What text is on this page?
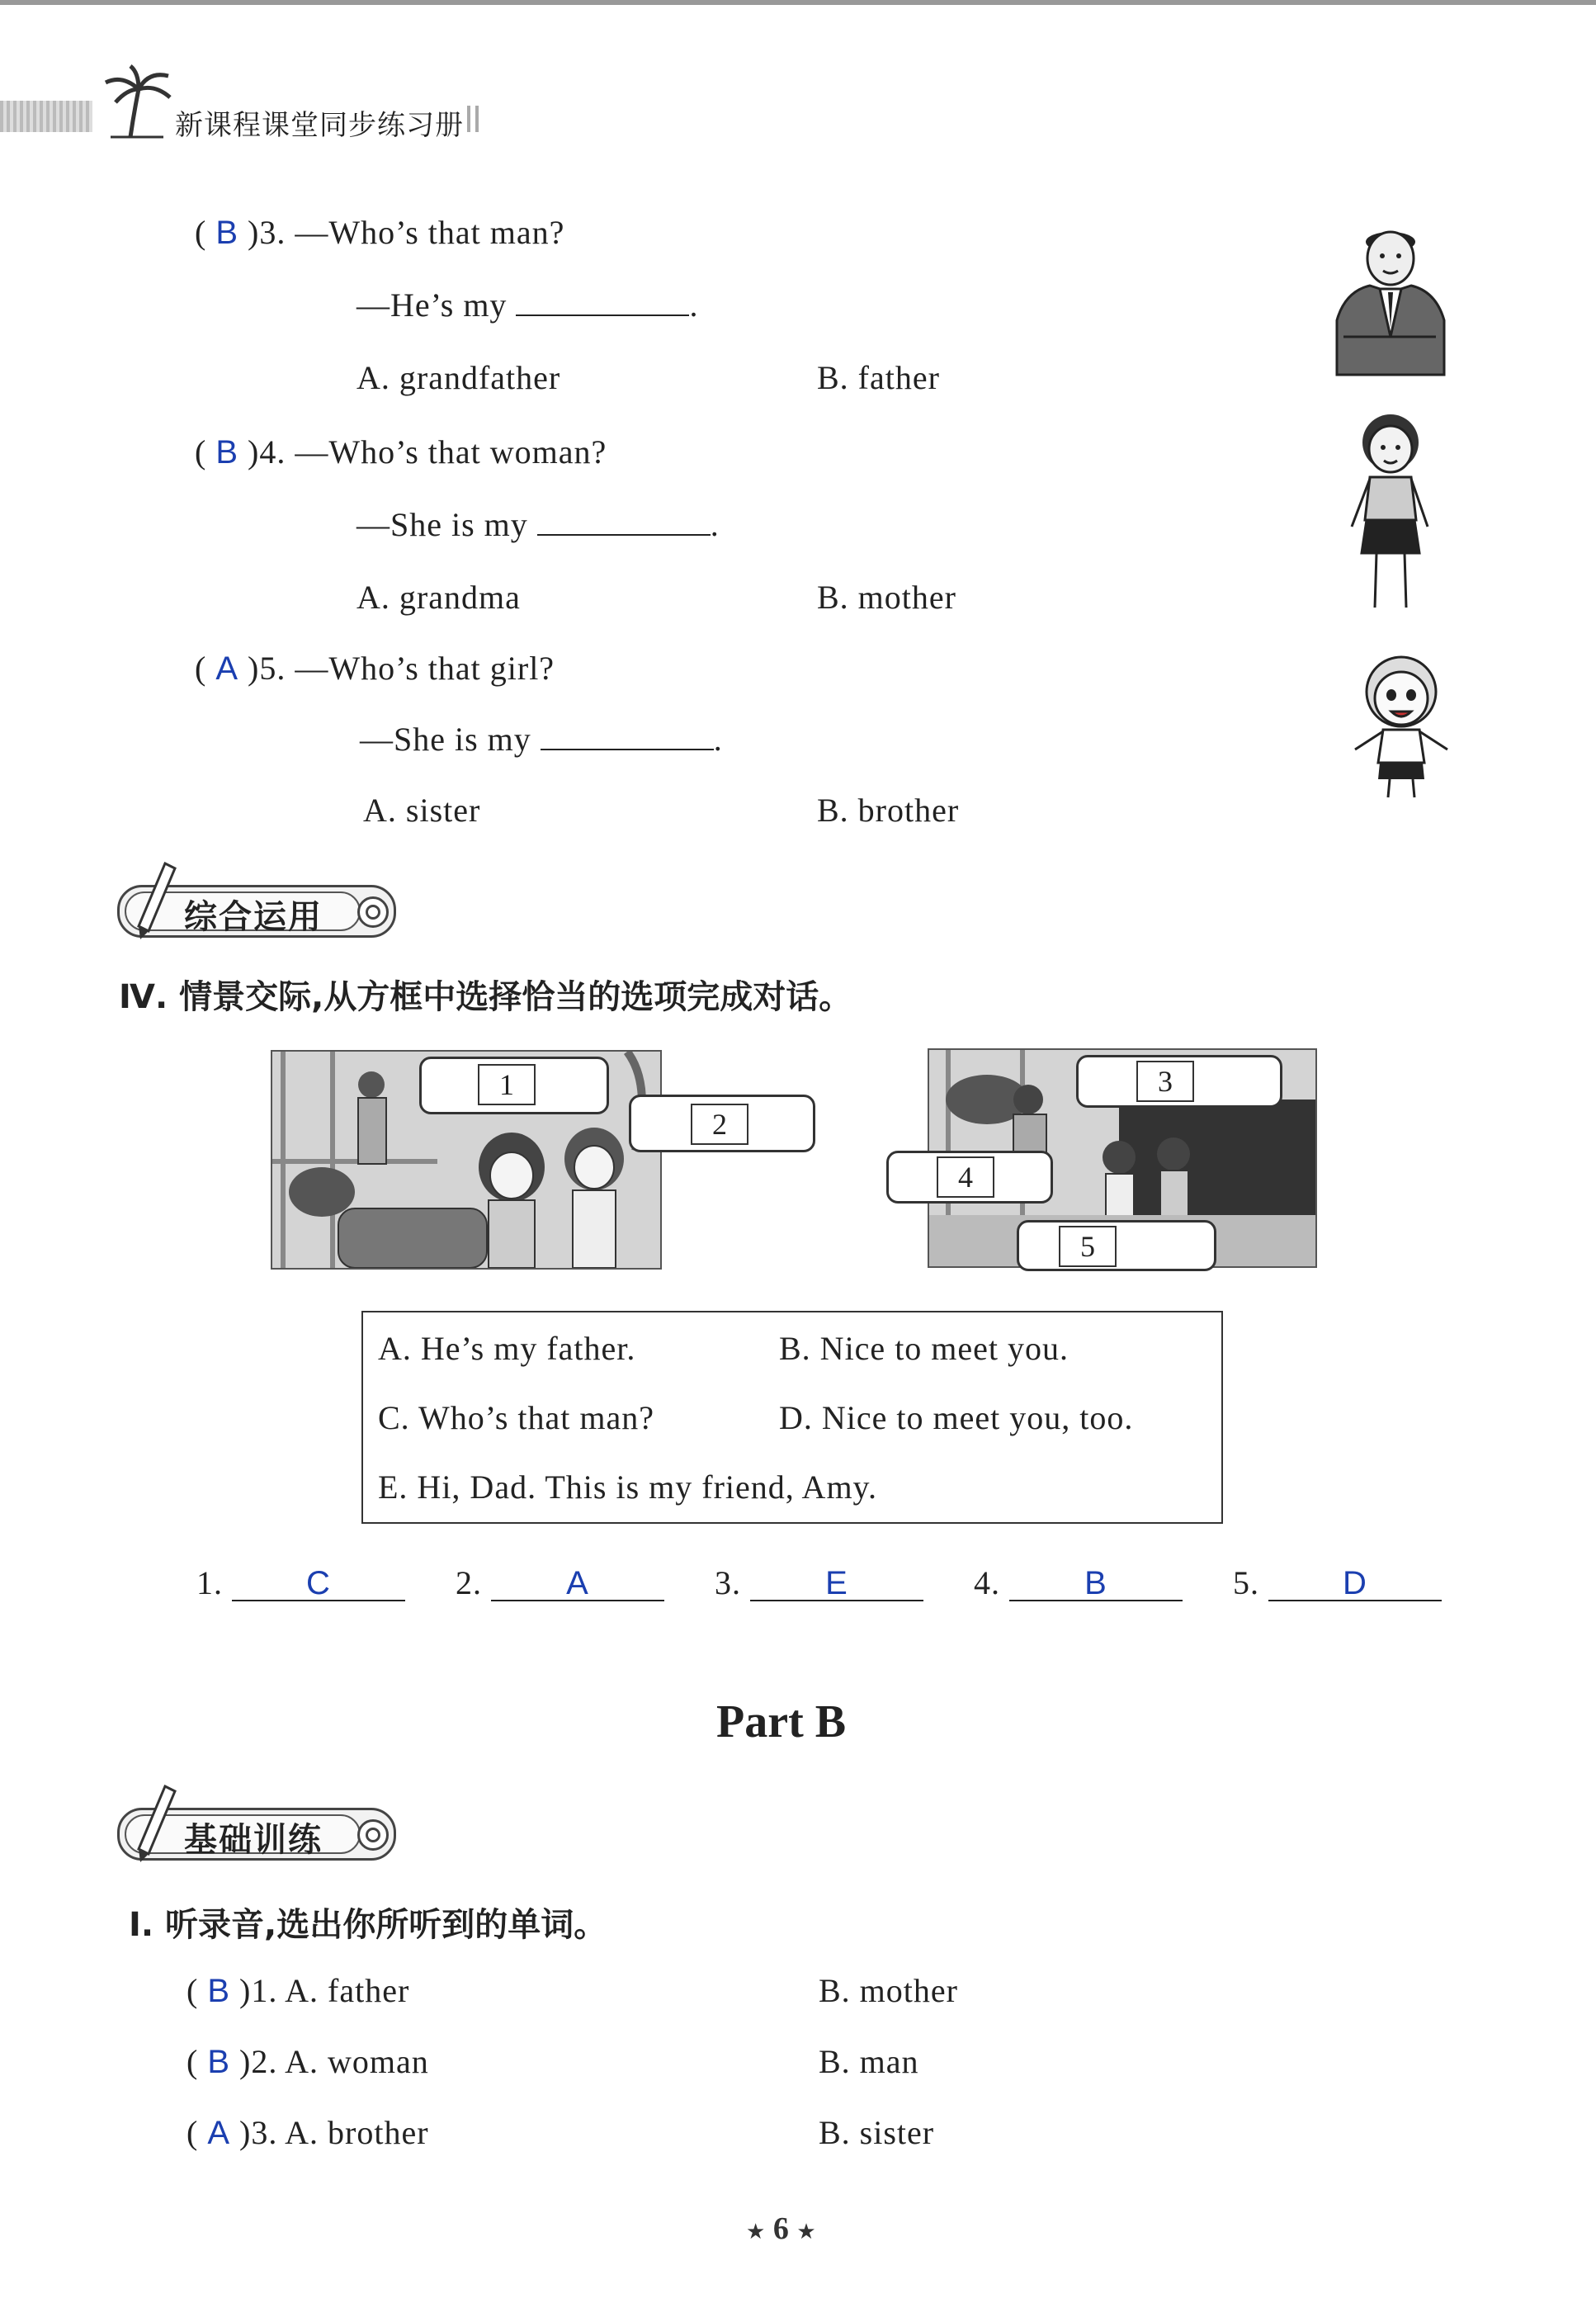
新课程课堂同步练习册
( B )3. —Who’s that man?
—He’s my	.
A. grandfather	B. father
( B )4. —Who’s that woman?
—She is my	.
A. grandma	B. mother
( A )5. —Who’s that girl?
—She is my	.
A. sister	B. brother
综合运用
Ⅳ. 情景交际,从方框中选择恰当的选项完成对话。
1
2
3
4
5
A. He’s my father.	B. Nice to meet you.
C. Who’s that man?	D. Nice to meet you, too.
E. Hi, Dad. This is my friend, Amy.
1.	C	2.	A	3.	E	4.	B	5.	D
Part B
基础训练
Ⅰ. 听录音,选出你所听到的单词。
( B )1. A. father	B. mother
( B )2. A. woman	B. man
( A )3. A. brother	B. sister
★ 6 ★
